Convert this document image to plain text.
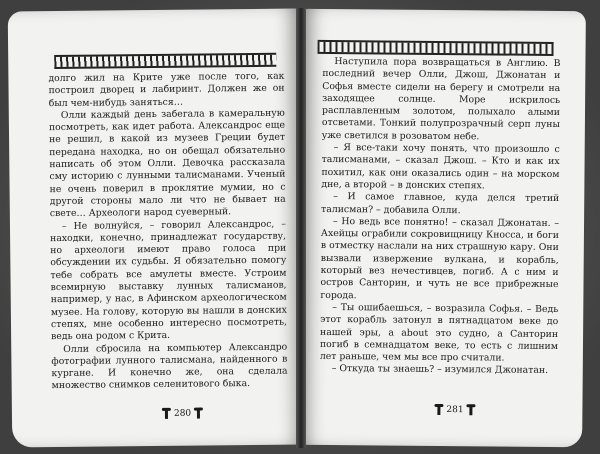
долго жил на Крите уже после того, как построил дворец и лабиринт. Должен же он был чем-нибудь заняться…

Олли каждый день забегала в камеральную посмотреть, как идет работа. Александрос еще не решил, в какой из музеев Греции будет передана находка, но он обещал обязательно написать об этом Олли. Девочка рассказала сму историю с лунными талисманами. Ученый не очень поверил в проклятие мумии, но с другой стороны мало ли что не бывает на свете… Археологи народ суеверный.

– Не волнуйся, – говорил Александрос, – находки, конечно, принадлежат государству, но археологи имеют право голоса при обсуждении их судьбы. Я обязательно помогу тебе собрать все амулеты вместе. Устроим всемирную выставку лунных талисманов, например, у нас, в Афинском археологическом музее. На голову, которую вы нашли в донских степях, мне особенно интересно посмотреть, ведь она родом с Крита.

Олли сбросила на компьютер Александро фотографии лунного талисмана, найденного в кургане. И конечно же, она сделала множество снимков селенитового быка.

280

Наступила пора возвращаться в Англию. В последний вечер Олли, Джош, Джонатан и Софья вместе сидели на берегу и смотрели на заходящее солнце. Море искрилось расплавленным золотом, полыхало алыми отсветами. Тонкий полупрозрачный серп луны уже светился в розоватом небе.

– Я все-таки хочу понять, что произошло с талисманами, – сказал Джош. – Кто и как их похитил, как они оказались один – на морском дне, а второй – в донских степях.

– И самое главное, куда делся третий талисман? – добавила Олли.

– Но ведь все понятно! – сказал Джонатан. – Ахейцы ограбили сокровищницу Кносса, и боги в отместку наслали на них страшную кару. Они вызвали извержение вулкана, и корабль, который вез нечестивцев, погиб. А с ним и остров Санторин, и чуть не все прибрежные города.

– Ты ошибаешься, – возразила Софья. – Ведь этот корабль затонул в пятнадцатом веке до нашей эры, а about это судно, а Санторин погиб в семнадцатом веке, то есть с лишним лет раньше, чем мы все про считали.

– Откуда ты знаешь? – изумился Джонатан.

281
